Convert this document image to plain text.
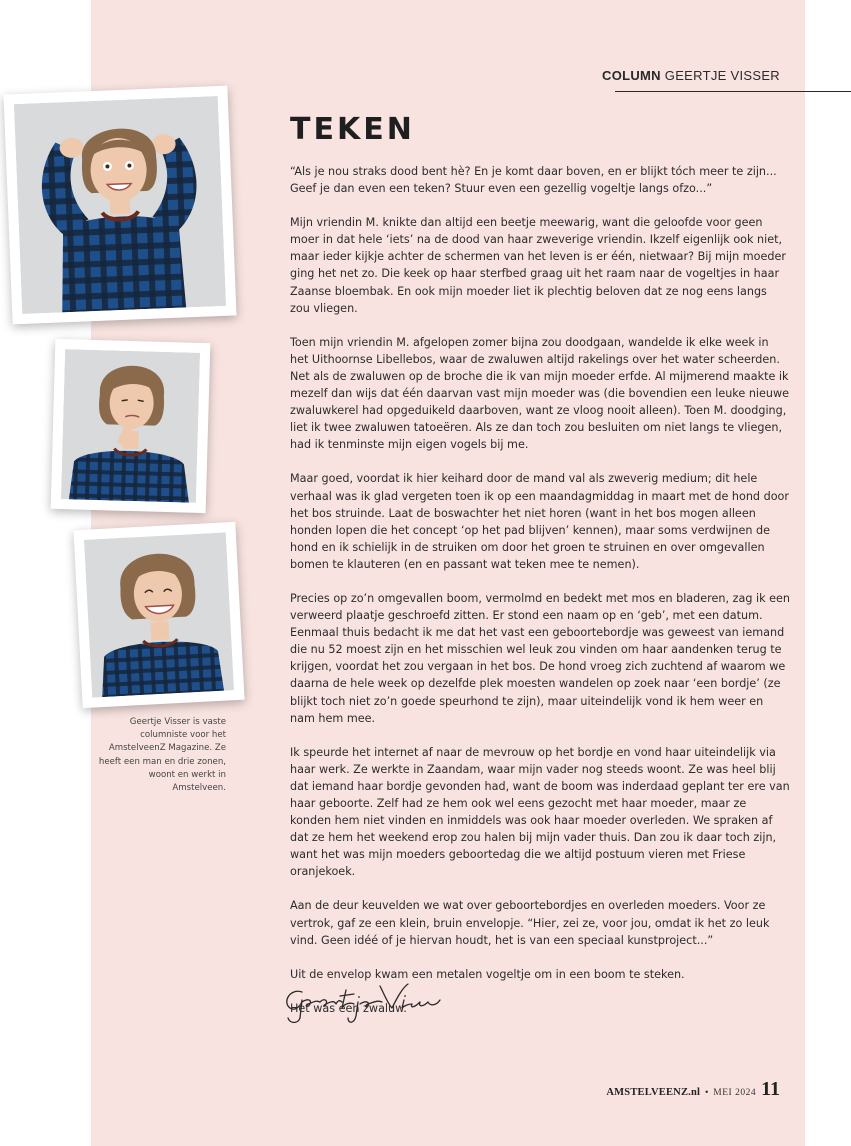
COLUMN GEERTJE VISSER
TEKEN

“Als je nou straks dood bent hè? En je komt daar boven, en er blijkt tóch meer te zijn... Geef je dan even een teken? Stuur even een gezellig vogeltje langs ofzo...”

Mijn vriendin M. knikte dan altijd een beetje meewarig, want die geloofde voor geen moer in dat hele ‘iets’ na de dood van haar zweverige vriendin. Ikzelf eigenlijk ook niet, maar ieder kijkje achter de schermen van het leven is er één, nietwaar? Bij mijn moeder ging het net zo. Die keek op haar sterfbed graag uit het raam naar de vogeltjes in haar Zaanse bloembak. En ook mijn moeder liet ik plechtig beloven dat ze nog eens langs zou vliegen.

Toen mijn vriendin M. afgelopen zomer bijna zou doodgaan, wandelde ik elke week in het Uithoornse Libellebos, waar de zwaluwen altijd rakelings over het water scheerden. Net als de zwaluwen op de broche die ik van mijn moeder erfde. Al mijmerend maakte ik mezelf dan wijs dat één daarvan vast mijn moeder was (die bovendien een leuke nieuwe zwaluwkerel had opgeduikeld daarboven, want ze vloog nooit alleen). Toen M. doodging, liet ik twee zwaluwen tatoeëren. Als ze dan toch zou besluiten om niet langs te vliegen, had ik tenminste mijn eigen vogels bij me.

Maar goed, voordat ik hier keihard door de mand val als zweverig medium; dit hele verhaal was ik glad vergeten toen ik op een maandagmiddag in maart met de hond door het bos struinde. Laat de boswachter het niet horen (want in het bos mogen alleen honden lopen die het concept ‘op het pad blijven’ kennen), maar soms verdwijnen de hond en ik schielijk in de struiken om door het groen te struinen en over omgevallen bomen te klauteren (en en passant wat teken mee te nemen).

Precies op zo’n omgevallen boom, vermolmd en bedekt met mos en bladeren, zag ik een verweerd plaatje geschroefd zitten. Er stond een naam op en ‘geb’, met een datum. Eenmaal thuis bedacht ik me dat het vast een geboortebordje was geweest van iemand die nu 52 moest zijn en het misschien wel leuk zou vinden om haar aandenken terug te krijgen, voordat het zou vergaan in het bos. De hond vroeg zich zuchtend af waarom we daarna de hele week op dezelfde plek moesten wandelen op zoek naar ‘een bordje’ (ze blijkt toch niet zo’n goede speurhond te zijn), maar uiteindelijk vond ik hem weer en nam hem mee.

Ik speurde het internet af naar de mevrouw op het bordje en vond haar uiteindelijk via haar werk. Ze werkte in Zaandam, waar mijn vader nog steeds woont. Ze was heel blij dat iemand haar bordje gevonden had, want de boom was inderdaad geplant ter ere van haar geboorte. Zelf had ze hem ook wel eens gezocht met haar moeder, maar ze konden hem niet vinden en inmiddels was ook haar moeder overleden. We spraken af dat ze hem het weekend erop zou halen bij mijn vader thuis. Dan zou ik daar toch zijn, want het was mijn moeders geboortedag die we altijd postuum vieren met Friese oranjekoek.

Aan de deur keuvelden we wat over geboortebordjes en overleden moeders. Voor ze vertrok, gaf ze een klein, bruin envelopje. “Hier, zei ze, voor jou, omdat ik het zo leuk vind. Geen idéé of je hiervan houdt, het is van een speciaal kunstproject...”

Uit de envelop kwam een metalen vogeltje om in een boom te steken.

Het was een zwaluw.

Geertje Visser is vaste columniste voor het AmstelveenZ Magazine. Ze heeft een man en drie zonen, woont en werkt in Amstelveen.
AMSTELVEENZ.nl • MEI 2024 11
